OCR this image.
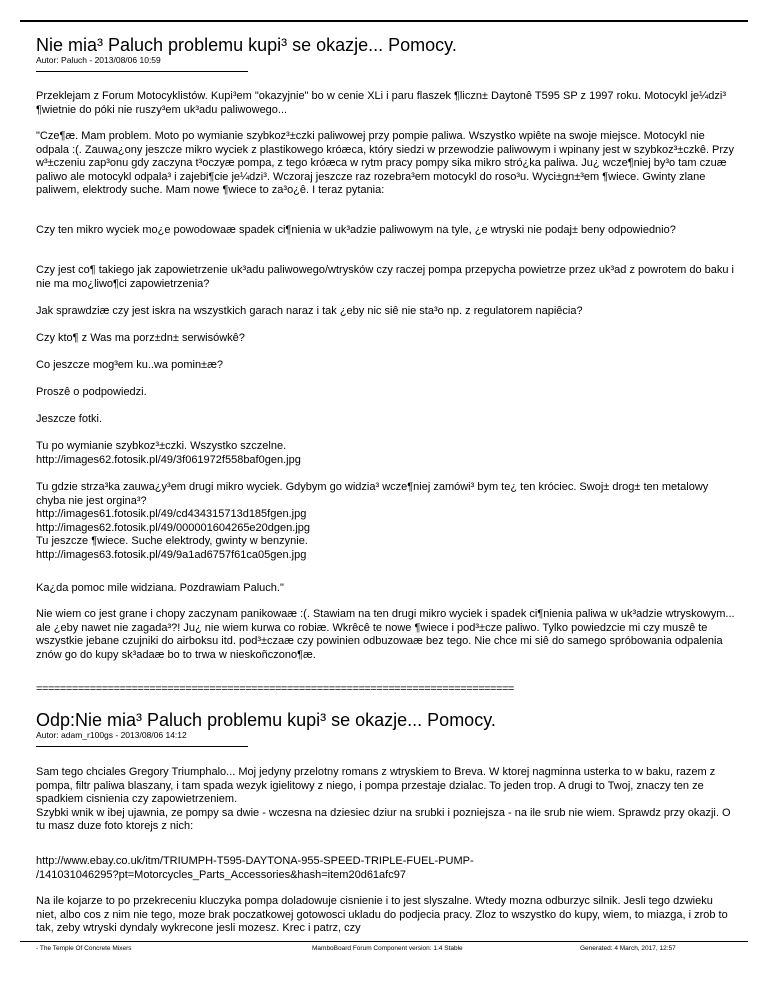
Nie mia³ Paluch problemu kupi³ se okazje... Pomocy.

Autor: Paluch - 2013/08/06 10:59

Przeklejam z Forum Motocyklistów. Kupi³em "okazyjnie" bo w cenie XLi i paru flaszek ¶liczn± Daytonê T595 SP z 1997 roku. Motocykl je¼dzi³ ¶wietnie do póki nie ruszy³em uk³adu paliwowego...

"Cze¶æ. Mam problem. Moto po wymianie szybkoz³±czki paliwowej przy pompie paliwa. Wszystko wpiête na swoje miejsce. Motocykl nie odpala :(. Zauwa¿ony jeszcze mikro wyciek z plastikowego króæca, który siedzi w przewodzie paliwowym i wpinany jest w szybkoz³±czkê. Przy w³±czeniu zap³onu gdy zaczyna t³oczyæ pompa, z tego króæca w rytm pracy pompy sika mikro stró¿ka paliwa. Ju¿ wcze¶niej by³o tam czuæ paliwo ale motocykl odpala³ i zajebi¶cie je¼dzi³. Wczoraj jeszcze raz rozebra³em motocykl do roso³u. Wyci±gn±³em ¶wiece. Gwinty zlane paliwem, elektrody suche. Mam nowe ¶wiece to za³o¿ê. I teraz pytania:

Czy ten mikro wyciek mo¿e powodowaæ spadek ci¶nienia w uk³adzie paliwowym na tyle, ¿e wtryski nie podaj± beny odpowiednio?

Czy jest co¶ takiego jak zapowietrzenie uk³adu paliwowego/wtrysków czy raczej pompa przepycha powietrze przez uk³ad z powrotem do baku i nie ma mo¿liwo¶ci zapowietrzenia?

Jak sprawdziæ czy jest iskra na wszystkich garach naraz i tak ¿eby nic siê nie sta³o np. z regulatorem napiêcia?

Czy kto¶ z Was ma porz±dn± serwisówkê?

Co jeszcze mog³em ku..wa pomin±æ?

Proszê o podpowiedzi.

Jeszcze fotki.

Tu po wymianie szybkoz³±czki. Wszystko szczelne.
http://images62.fotosik.pl/49/3f061972f558baf0gen.jpg

Tu gdzie strza³ka zauwa¿y³em drugi mikro wyciek. Gdybym go widzia³ wcze¶niej zamówi³ bym te¿ ten króciec. Swoj± drog± ten metalowy chyba nie jest orgina³?
http://images61.fotosik.pl/49/cd434315713d185fgen.jpg
http://images62.fotosik.pl/49/000001604265e20dgen.jpg
Tu jeszcze ¶wiece. Suche elektrody, gwinty w benzynie.
http://images63.fotosik.pl/49/9a1ad6757f61ca05gen.jpg

Ka¿da pomoc mile widziana. Pozdrawiam Paluch."

Nie wiem co jest grane i chopy zaczynam panikowaæ :(. Stawiam na ten drugi mikro wyciek i spadek ci¶nienia paliwa w uk³adzie wtryskowym... ale ¿eby nawet nie zagada³?! Ju¿ nie wiem kurwa co robiæ. Wkrêcê te nowe ¶wiece i pod³±cze paliwo. Tylko powiedzcie mi czy muszê te wszystkie jebane czujniki do airboksu itd. pod³±czaæ czy powinien odbuzowaæ bez tego. Nie chce mi siê do samego spróbowania odpalenia znów go do kupy sk³adaæ bo to trwa w nieskoñczono¶æ.

================================================================================
Odp:Nie mia³ Paluch problemu kupi³ se okazje... Pomocy.

Autor: adam_r100gs - 2013/08/06 14:12

Sam tego chciales Gregory Triumphalo... Moj jedyny przelotny romans z wtryskiem to Breva. W ktorej nagminna usterka to w baku, razem z pompa, filtr paliwa blaszany, i tam spada wezyk igielitowy z niego, i pompa przestaje dzialac. To jeden trop. A drugi to Twoj, znaczy ten ze spadkiem cisnienia czy zapowietrzeniem.
Szybki wnik w ibej ujawnia, ze pompy sa dwie - wczesna na dziesiec dziur na srubki i pozniejsza - na ile srub nie wiem. Sprawdz przy okazji. O tu masz duze foto ktorejs z nich:

http://www.ebay.co.uk/itm/TRIUMPH-T595-DAYTONA-955-SPEED-TRIPLE-FUEL-PUMP-
/141031046295?pt=Motorcycles_Parts_Accessories&hash=item20d61afc97

Na ile kojarze to po przekreceniu kluczyka pompa doladowuje cisnienie i to jest slyszalne. Wtedy mozna odburzyc silnik. Jesli tego dzwieku niet, albo cos z nim nie tego, moze brak poczatkowej gotowosci ukladu do podjecia pracy. Zloz to wszystko do kupy, wiem, to miazga, i zrob to tak, zeby wtryski dyndaly wykrecone jesli mozesz. Krec i patrz, czy

- The Temple Of Concrete Mixers	MamboBoard Forum Component version: 1.4 Stable	Generated: 4 March, 2017, 12:57
